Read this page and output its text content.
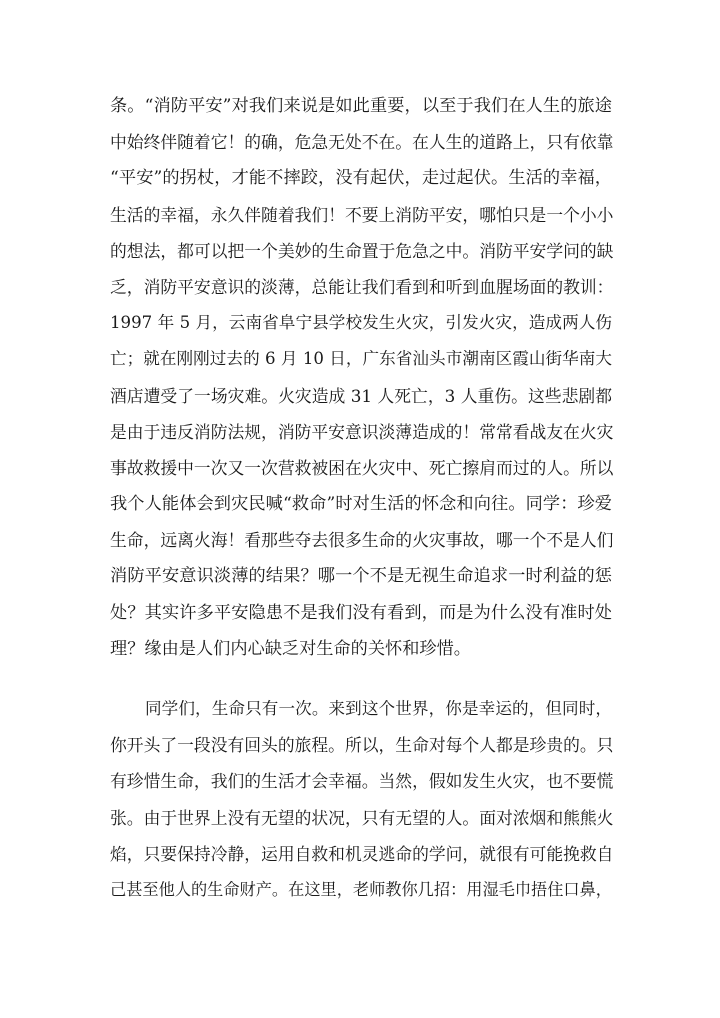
条。“消防平安”对我们来说是如此重要，以至于我们在人生的旅途
中始终伴随着它！的确，危急无处不在。在人生的道路上，只有依靠
“平安”的拐杖，才能不摔跤，没有起伏，走过起伏。生活的幸福，
生活的幸福，永久伴随着我们！不要上消防平安，哪怕只是一个小小
的想法，都可以把一个美妙的生命置于危急之中。消防平安学问的缺
乏，消防平安意识的淡薄，总能让我们看到和听到血腥场面的教训：
1997 年 5 月，云南省阜宁县学校发生火灾，引发火灾，造成两人伤
亡；就在刚刚过去的 6 月 10 日，广东省汕头市潮南区霞山街华南大
酒店遭受了一场灾难。火灾造成 31 人死亡，3 人重伤。这些悲剧都
是由于违反消防法规，消防平安意识淡薄造成的！常常看战友在火灾
事故救援中一次又一次营救被困在火灾中、死亡擦肩而过的人。所以
我个人能体会到灾民喊“救命”时对生活的怀念和向往。同学：珍爱
生命，远离火海！看那些夺去很多生命的火灾事故，哪一个不是人们
消防平安意识淡薄的结果？哪一个不是无视生命追求一时利益的惩
处？其实许多平安隐患不是我们没有看到，而是为什么没有准时处
理？缘由是人们内心缺乏对生命的关怀和珍惜。
同学们，生命只有一次。来到这个世界，你是幸运的，但同时，
你开头了一段没有回头的旅程。所以，生命对每个人都是珍贵的。只
有珍惜生命，我们的生活才会幸福。当然，假如发生火灾，也不要慌
张。由于世界上没有无望的状况，只有无望的人。面对浓烟和熊熊火
焰，只要保持冷静，运用自救和机灵逃命的学问，就很有可能挽救自
己甚至他人的生命财产。在这里，老师教你几招：用湿毛巾捂住口鼻，
